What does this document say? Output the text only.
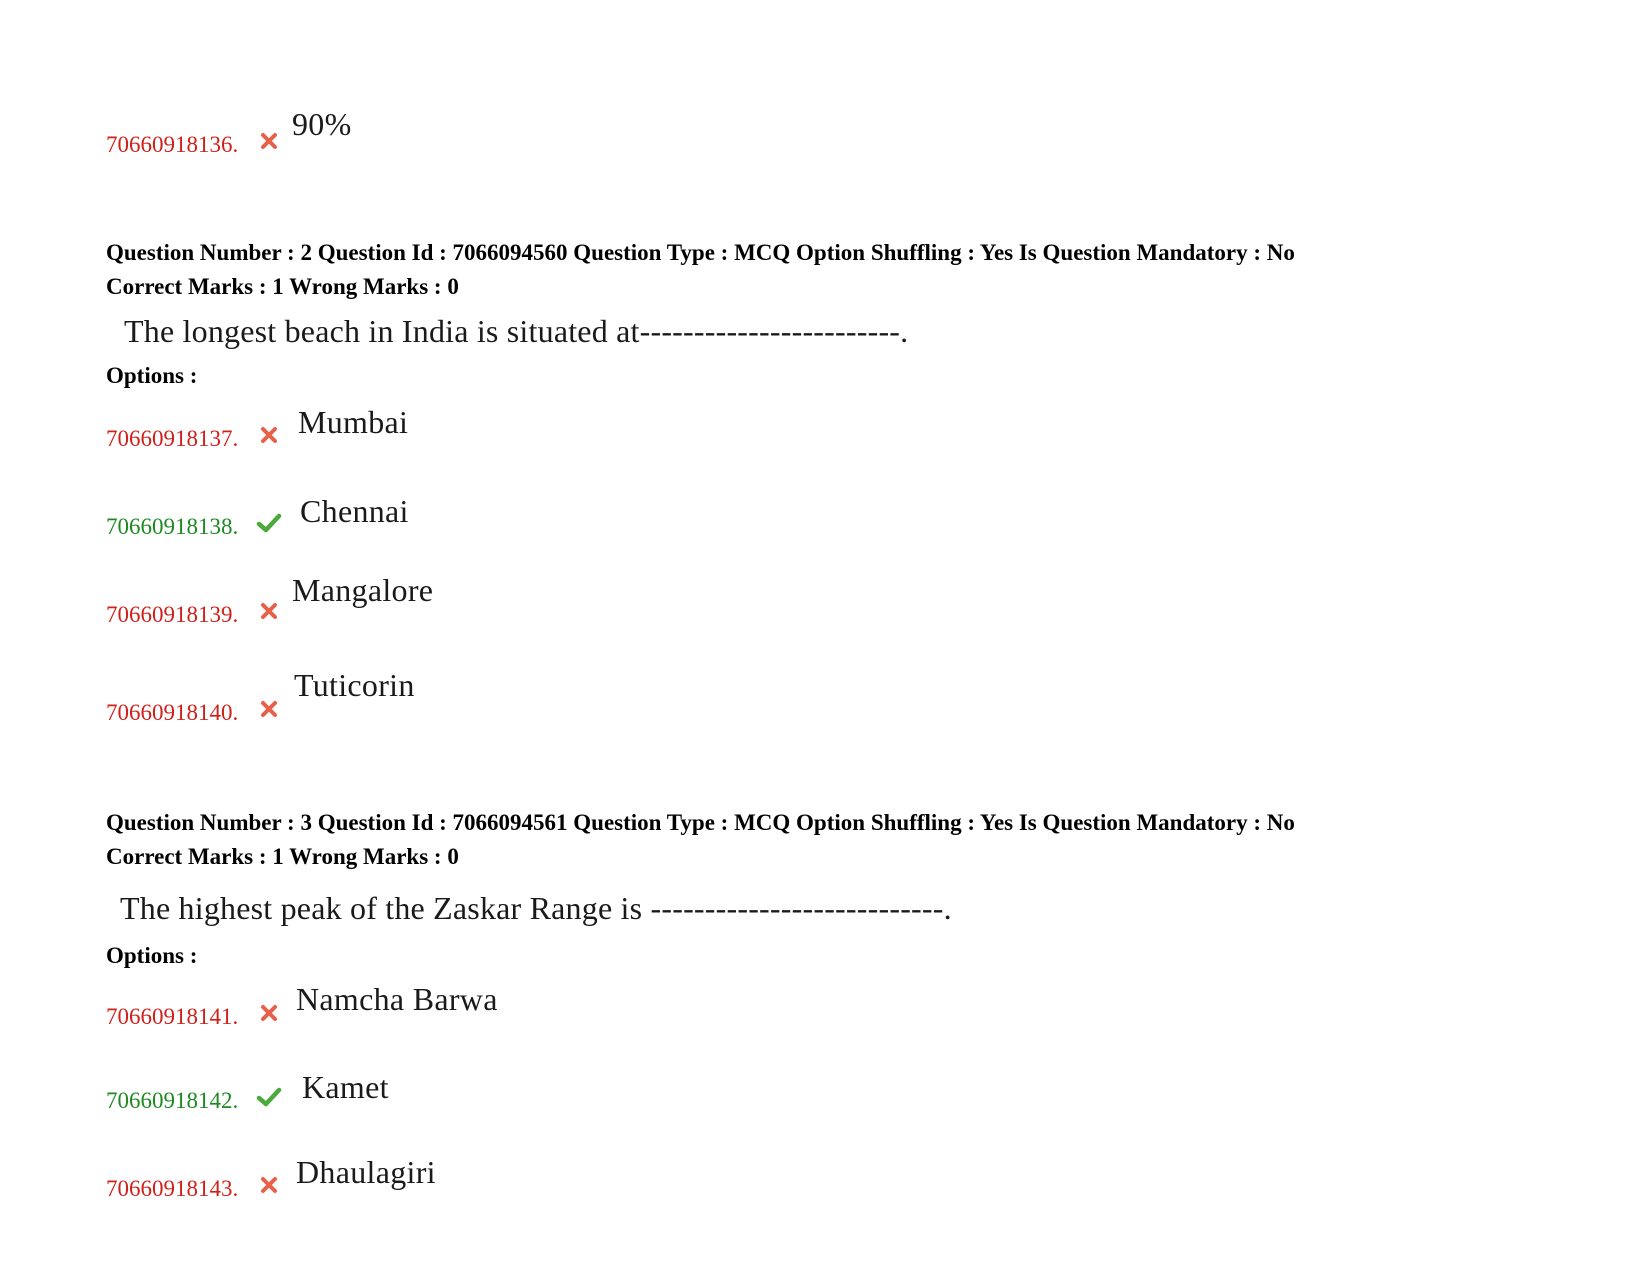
70660918136.
90%
Question Number : 2 Question Id : 7066094560 Question Type : MCQ Option Shuffling : Yes Is Question Mandatory : No
Correct Marks : 1 Wrong Marks : 0
The longest beach in India is situated at------------------------.
Options :
70660918137. Mumbai
70660918138. Chennai
70660918139.
Mangalore
70660918140.
Tuticorin
Question Number : 3 Question Id : 7066094561 Question Type : MCQ Option Shuffling : Yes Is Question Mandatory : No
Correct Marks : 1 Wrong Marks : 0
The highest peak of the Zaskar Range is ---------------------------.
Options :
70660918141. Namcha Barwa
70660918142. Kamet
70660918143. Dhaulagiri
